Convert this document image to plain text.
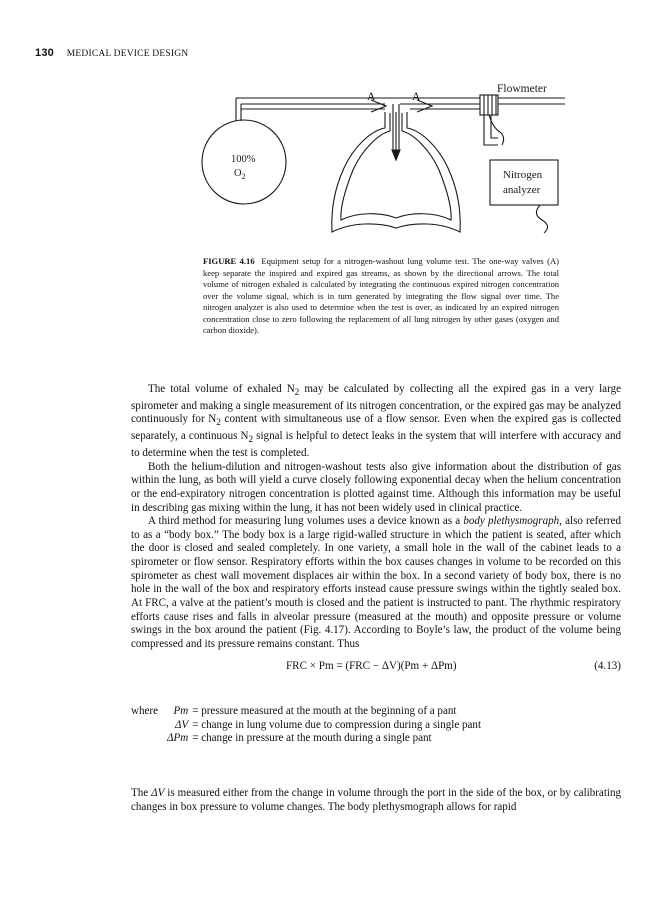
130 MEDICAL DEVICE DESIGN
Flowmeter
A	A
100%
$O_2$	Nitrogen
analyzer
FIGURE 4.16 Equipment setup for a nitrogen-washout lung volume test. The one-way valves (A) keep separate the inspired and expired gas streams, as shown by the directional arrows. The total volume of nitrogen exhaled is calculated by integrating the continuous expired nitrogen concentration over the volume signal, which is in turn generated by integrating the flow signal over time. The nitrogen analyzer is also used to determine when the test is over, as indicated by an expired nitrogen concentration close to zero following the replacement of all lung nitrogen by other gases (oxygen and carbon dioxide).

The total volume of exhaled $N_2$ may be calculated by collecting all the expired gas in a very large spirometer and making a single measurement of its nitrogen concentration, or the expired gas may be analyzed continuously for $N_2$ content with simultaneous use of a flow sensor. Even when the expired gas is collected separately, a continuous $N_2$ signal is helpful to detect leaks in the system that will interfere with accuracy and to determine when the test is completed.

Both the helium-dilution and nitrogen-washout tests also give information about the distribution of gas within the lung, as both will yield a curve closely following exponential decay when the helium concentration or the end-expiratory nitrogen concentration is plotted against time. Although this information may be useful in describing gas mixing within the lung, it has not been widely used in clinical practice.

A third method for measuring lung volumes uses a device known as a body plethysmograph, also referred to as a “body box.” The body box is a large rigid-walled structure in which the patient is seated, after which the door is closed and sealed completely. In one variety, a small hole in the wall of the cabinet leads to a spirometer or flow sensor. Respiratory efforts within the box causes changes in volume to be recorded on this spirometer as chest wall movement displaces air within the box. In a second variety of body box, there is no hole in the wall of the box and respiratory efforts instead cause pressure swings within the tightly sealed box. At FRC, a valve at the patient’s mouth is closed and the patient is instructed to pant. The rhythmic respiratory efforts cause rises and falls in alveolar pressure (measured at the mouth) and opposite pressure or volume swings in the box around the patient (Fig. 4.17). According to Boyle’s law, the product of the volume being compressed and its pressure remains constant. Thus

FRC × Pm = (FRC − ΔV)(Pm + ΔPm)	(4.13)
where	Pm	= pressure measured at the mouth at the beginning of a pant
	ΔV	= change in lung volume due to compression during a single pant
	ΔPm	= change in pressure at the mouth during a single pant

The ΔV is measured either from the change in volume through the port in the side of the box, or by calibrating changes in box pressure to volume changes. The body plethysmograph allows for rapid
